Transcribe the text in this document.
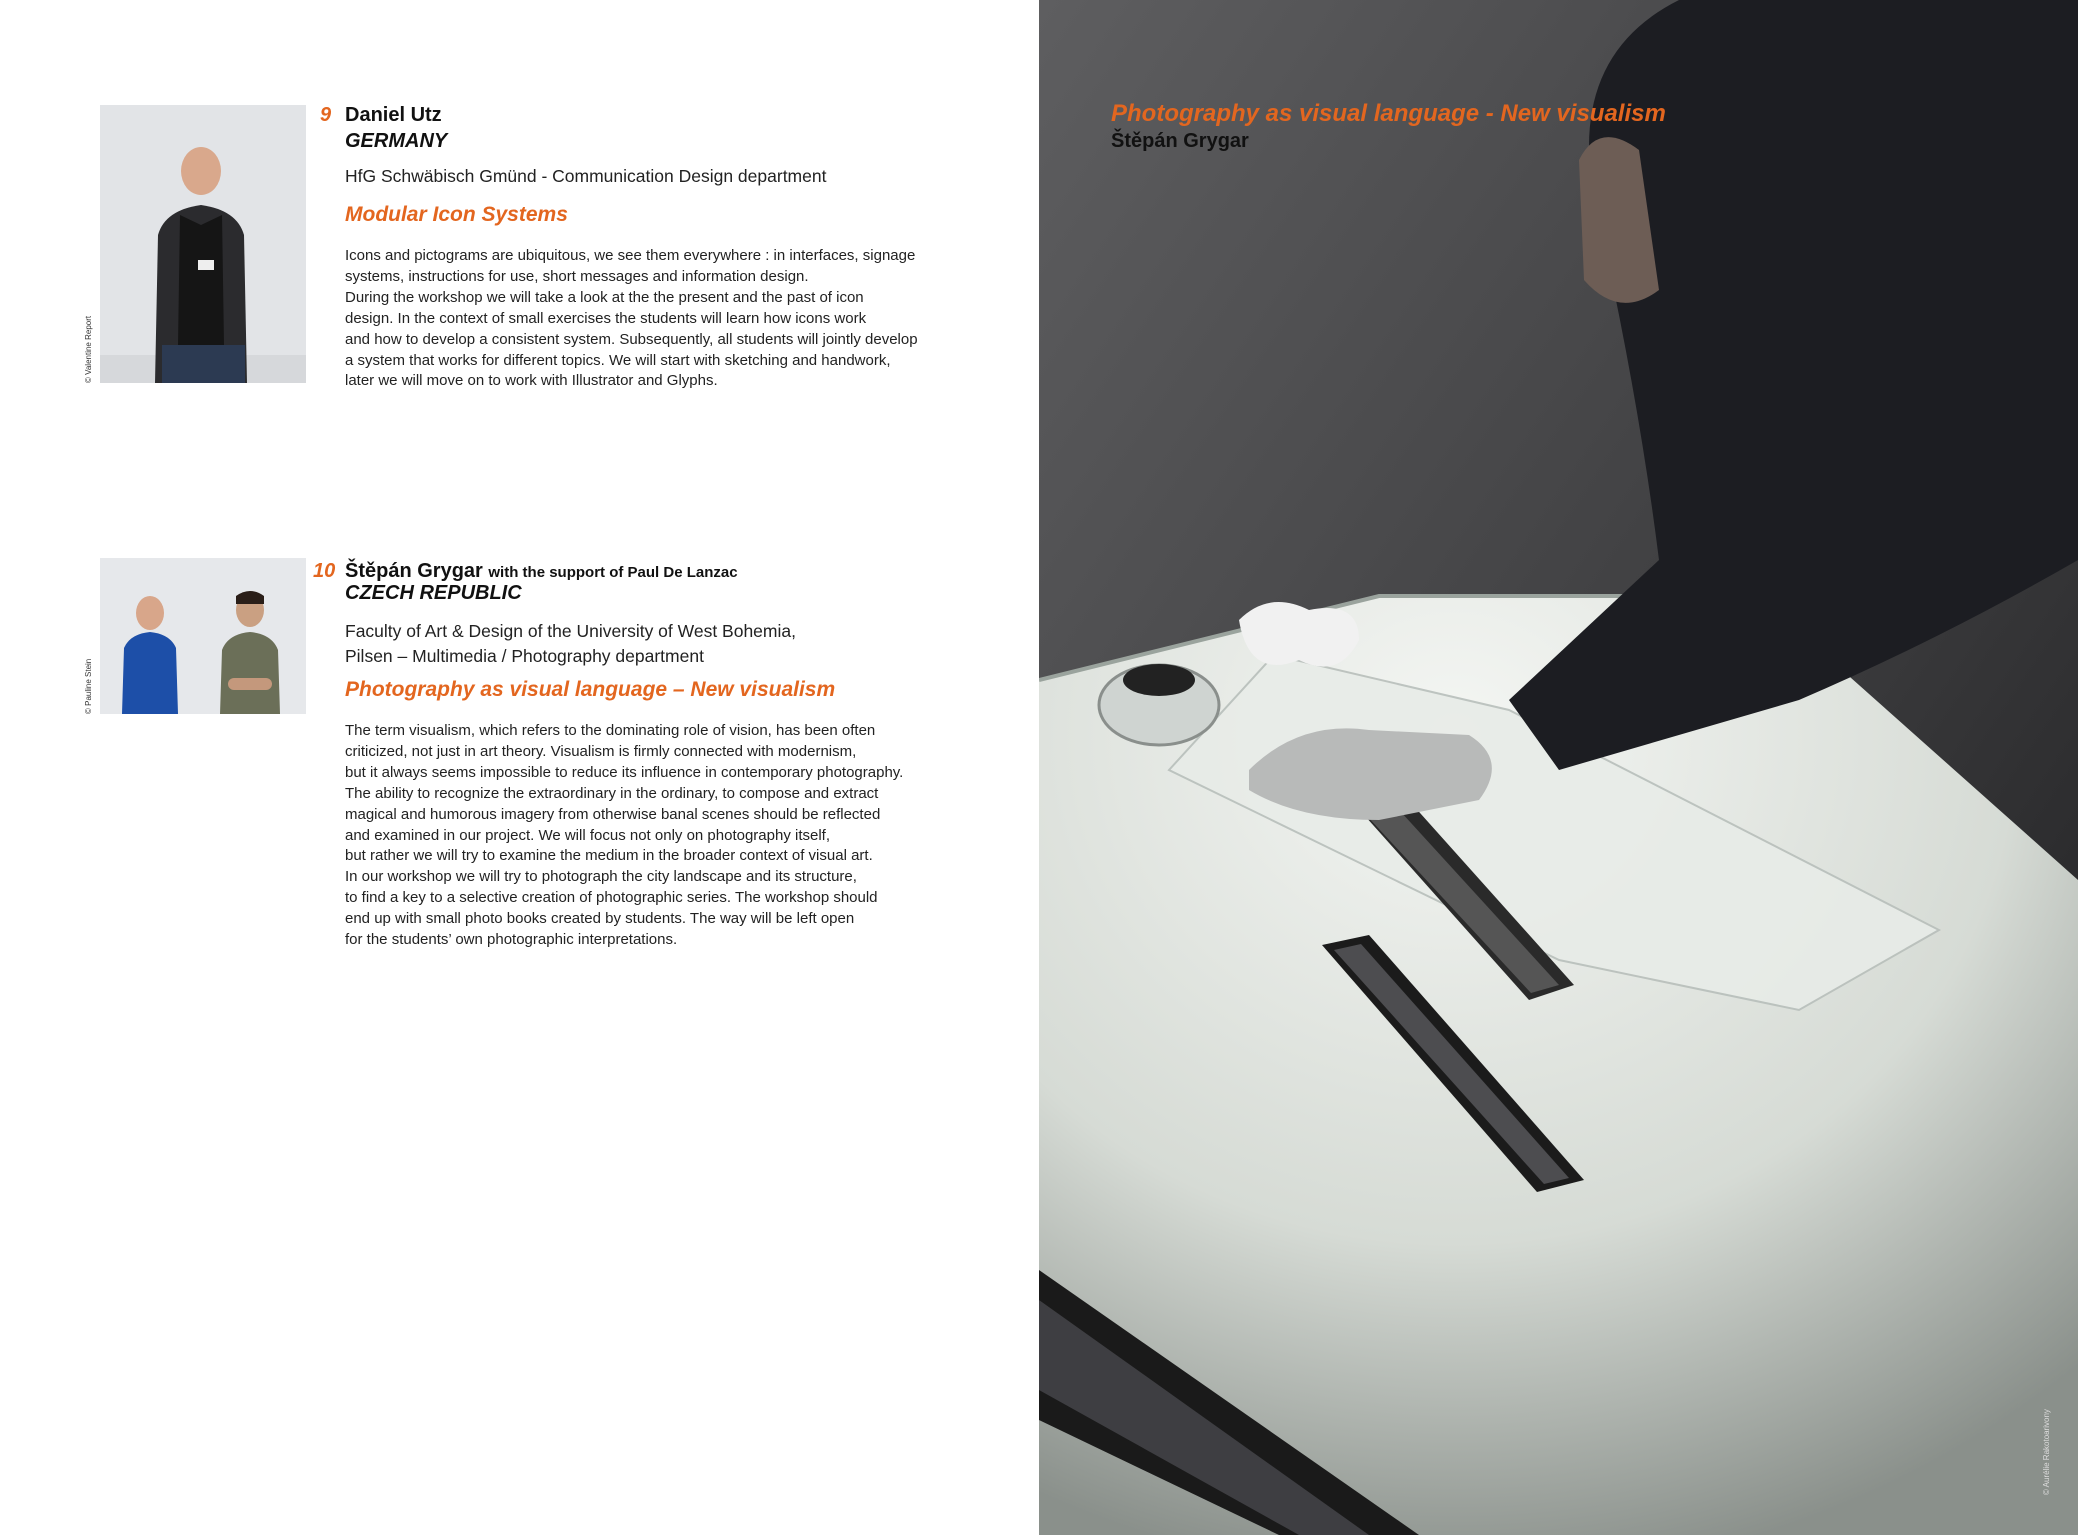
© Valentine Report
9 Daniel Utz
GERMANY
HfG Schwäbisch Gmünd - Communication Design department
Modular Icon Systems
Icons and pictograms are ubiquitous, we see them everywhere : in interfaces, signage
systems, instructions for use, short messages and information design.
During the workshop we will take a look at the the present and the past of icon
design. In the context of small exercises the students will learn how icons work
and how to develop a consistent system. Subsequently, all students will jointly develop
a system that works for different topics. We will start with sketching and handwork,
later we will move on to work with Illustrator and Glyphs.
© Pauline Stein
10 Štěpán Grygar with the support of Paul De Lanzac
CZECH REPUBLIC
Faculty of Art & Design of the University of West Bohemia,
Pilsen – Multimedia / Photography department
Photography as visual language – New visualism
The term visualism, which refers to the dominating role of vision, has been often
criticized, not just in art theory. Visualism is firmly connected with modernism,
but it always seems impossible to reduce its influence in contemporary photography.
The ability to recognize the extraordinary in the ordinary, to compose and extract
magical and humorous imagery from otherwise banal scenes should be reflected
and examined in our project. We will focus not only on photography itself,
but rather we will try to examine the medium in the broader context of visual art.
In our workshop we will try to photograph the city landscape and its structure,
to find a key to a selective creation of photographic series. The workshop should
end up with small photo books created by students. The way will be left open
for the students’ own photographic interpretations.
Photography as visual language - New visualism
Štěpán Grygar
© Aurélie Rakotoarivony
